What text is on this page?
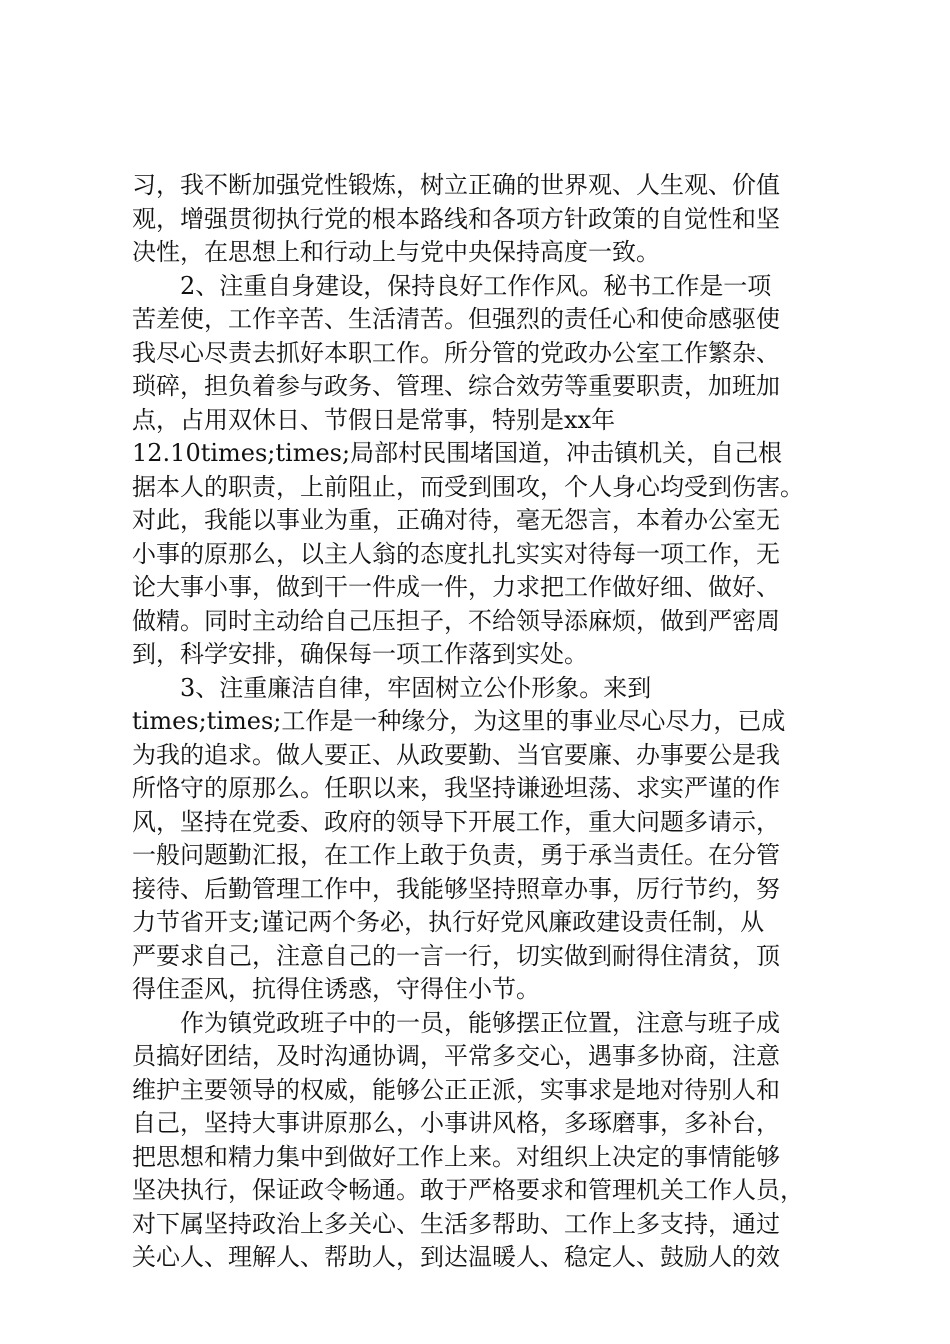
习，我不断加强党性锻炼，树立正确的世界观、人生观、价值
观，增强贯彻执行党的根本路线和各项方针政策的自觉性和坚
决性，在思想上和行动上与党中央保持高度一致。
2、注重自身建设，保持良好工作作风。秘书工作是一项
苦差使，工作辛苦、生活清苦。但强烈的责任心和使命感驱使
我尽心尽责去抓好本职工作。所分管的党政办公室工作繁杂、
琐碎，担负着参与政务、管理、综合效劳等重要职责，加班加
点，占用双休日、节假日是常事，特别是xx年
12.10times;times;局部村民围堵国道，冲击镇机关，自己根
据本人的职责，上前阻止，而受到围攻，个人身心均受到伤害。
对此，我能以事业为重，正确对待，毫无怨言，本着办公室无
小事的原那么，以主人翁的态度扎扎实实对待每一项工作，无
论大事小事，做到干一件成一件，力求把工作做好细、做好、
做精。同时主动给自己压担子，不给领导添麻烦，做到严密周
到，科学安排，确保每一项工作落到实处。
3、注重廉洁自律，牢固树立公仆形象。来到
times;times;工作是一种缘分，为这里的事业尽心尽力，已成
为我的追求。做人要正、从政要勤、当官要廉、办事要公是我
所恪守的原那么。任职以来，我坚持谦逊坦荡、求实严谨的作
风，坚持在党委、政府的领导下开展工作，重大问题多请示，
一般问题勤汇报，在工作上敢于负责，勇于承当责任。在分管
接待、后勤管理工作中，我能够坚持照章办事，厉行节约，努
力节省开支;谨记两个务必，执行好党风廉政建设责任制，从
严要求自己，注意自己的一言一行，切实做到耐得住清贫，顶
得住歪风，抗得住诱惑，守得住小节。
作为镇党政班子中的一员，能够摆正位置，注意与班子成
员搞好团结，及时沟通协调，平常多交心，遇事多协商，注意
维护主要领导的权威，能够公正正派，实事求是地对待别人和
自己，坚持大事讲原那么，小事讲风格，多琢磨事，多补台，
把思想和精力集中到做好工作上来。对组织上决定的事情能够
坚决执行，保证政令畅通。敢于严格要求和管理机关工作人员，
对下属坚持政治上多关心、生活多帮助、工作上多支持，通过
关心人、理解人、帮助人，到达温暖人、稳定人、鼓励人的效
